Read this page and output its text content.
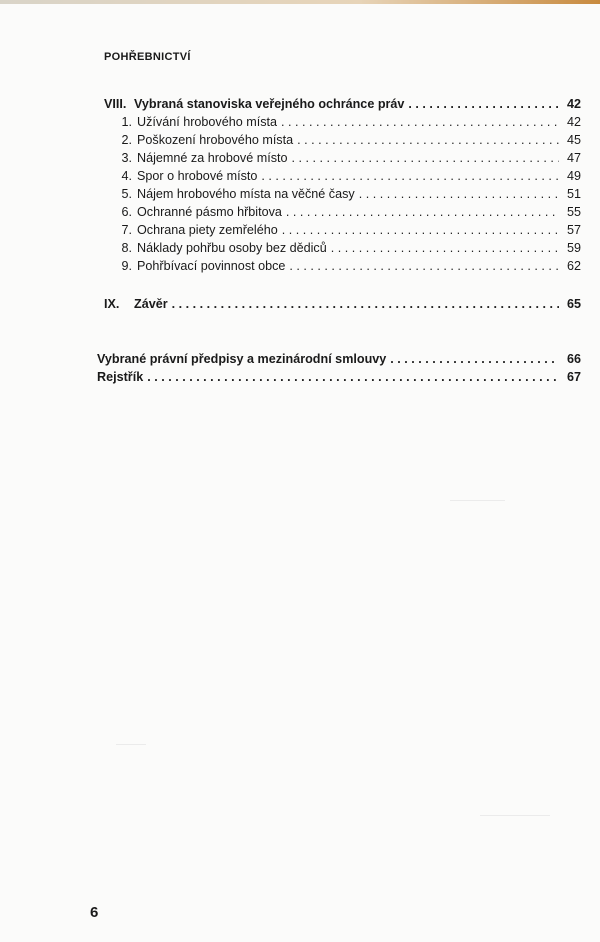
POHŘEBNICTVÍ
VIII. Vybraná stanoviska veřejného ochránce práv . . .	42
1. Užívání hrobového místa . . .	42
2. Poškození hrobového místa . . .	45
3. Nájemné za hrobové místo . . .	47
4. Spor o hrobové místo . . .	49
5. Nájem hrobového místa na věčné časy . . .	51
6. Ochranné pásmo hřbitova . . .	55
7. Ochrana piety zemřelého . . .	57
8. Náklady pohřbu osoby bez dědiců . . .	59
9. Pohřbívací povinnost obce . . .	62
IX.	Závěr . . .	65
Vybrané právní předpisy a mezinárodní smlouvy . . .	66
Rejstřík . . .	67
6
